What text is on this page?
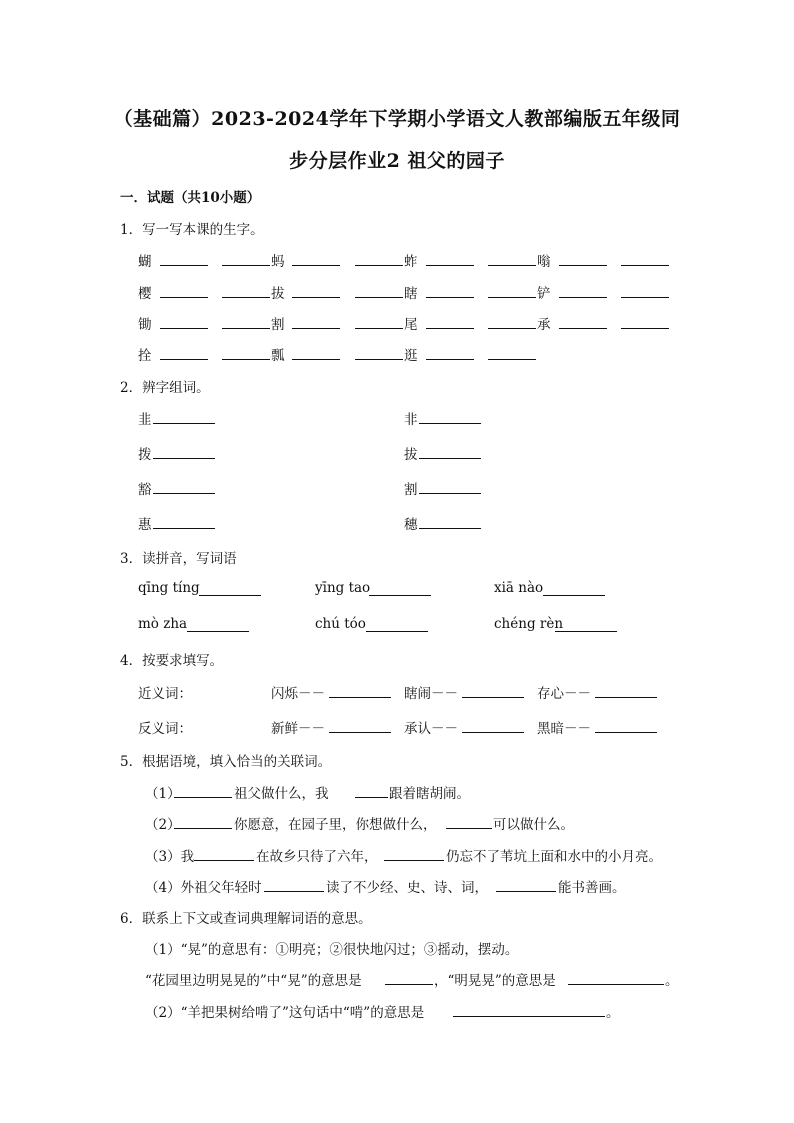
（基础篇）2023-2024学年下学期小学语文人教部编版五年级同
步分层作业2 祖父的园子
一．试题（共10小题）
1．写一写本课的生字。
蝴	蚂	蚱	嗡
樱	拔	瞎	铲
锄	割	尾	承
拴	瓢	逛
2．辨字组词。
韭	非
拨	拔
豁	割
惠	穗
3．读拼音，写词语
qīng tíng	yīng tao	xiā nào
mò zha	chú tóo	chéng rèn
4．按要求填写。
近义词：	闪烁－－	瞎闹－－	存心－－
反义词：	新鲜－－	承认－－	黑暗－－
5．根据语境，填入恰当的关联词。
（1）	祖父做什么，我	跟着瞎胡闹。
（2）	你愿意，在园子里，你想做什么，	可以做什么。
（3）我	在故乡只待了六年，	仍忘不了苇坑上面和水中的小月亮。
（4）外祖父年轻时	读了不少经、史、诗、词，	能书善画。
6．联系上下文或查词典理解词语的意思。
（1）“晃”的意思有：①明亮；②很快地闪过；③摇动，摆动。
“花园里边明晃晃的”中“晃”的意思是	，“明晃晃”的意思是	。
（2）“羊把果树给啃了”这句话中“啃”的意思是	。
